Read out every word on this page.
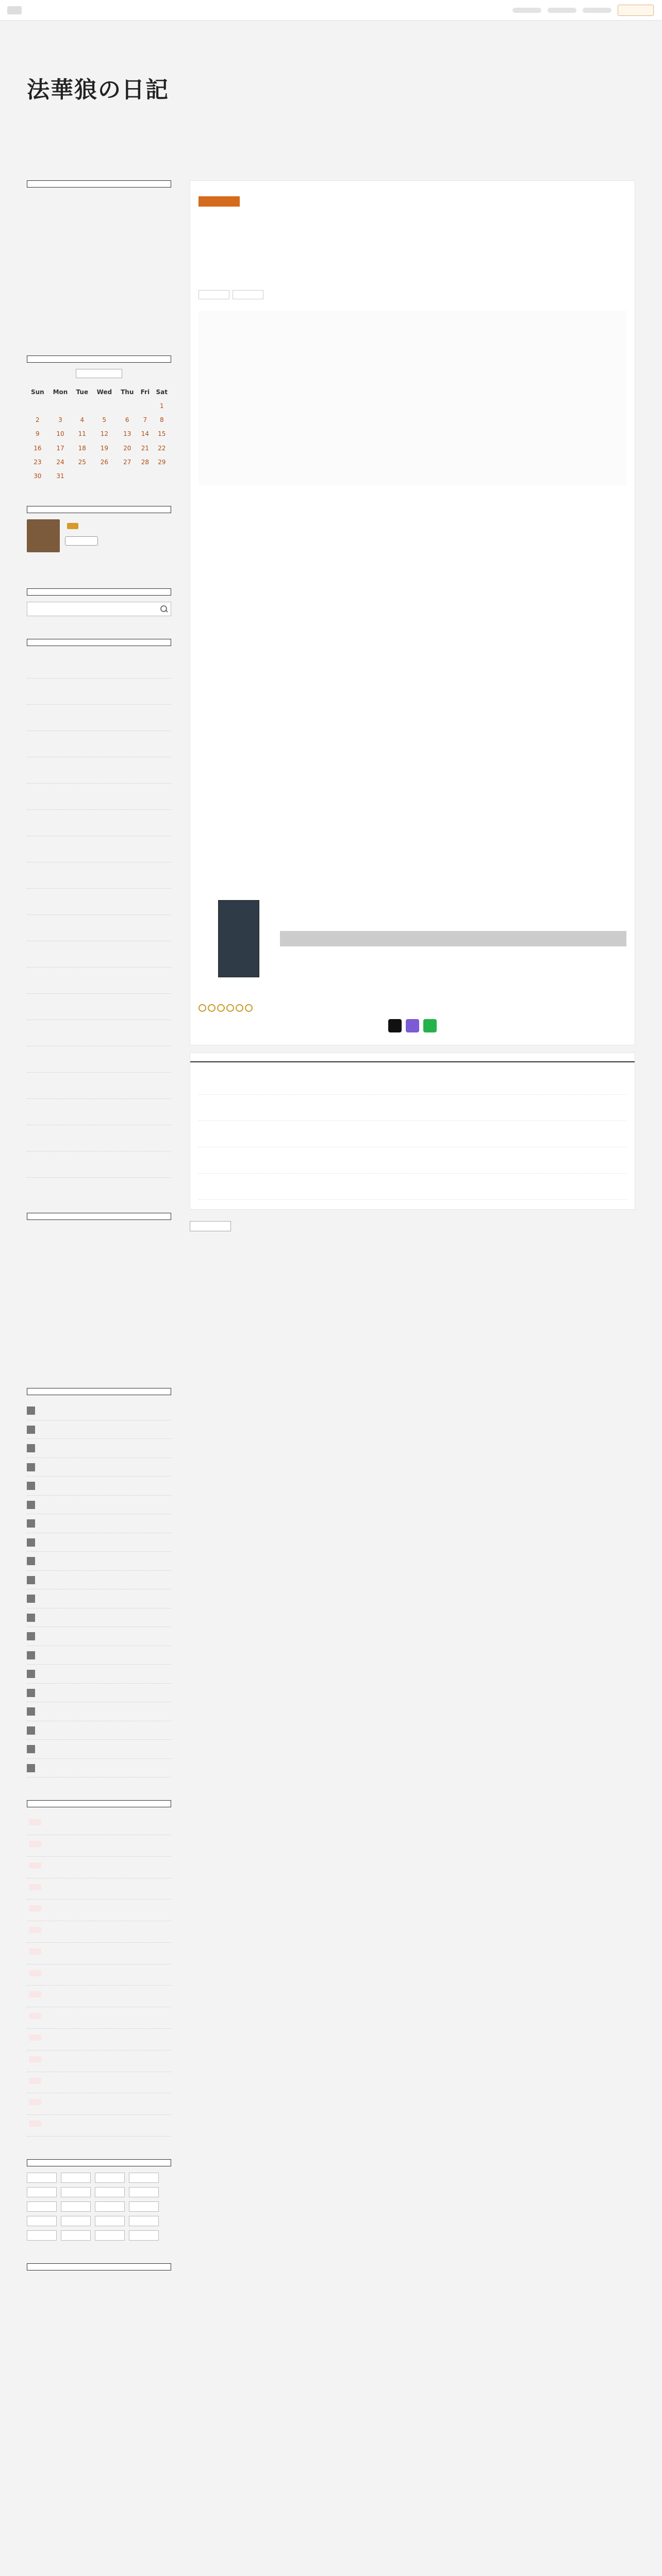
法華狼の日記
Sun	Mon	Tue	Wed	Thu	Fri	Sat
						1
2	3	4	5	6	7	8
9	10	11	12	13	14	15
16	17	18	19	20	21	22
23	24	25	26	27	28	29
30	31					
